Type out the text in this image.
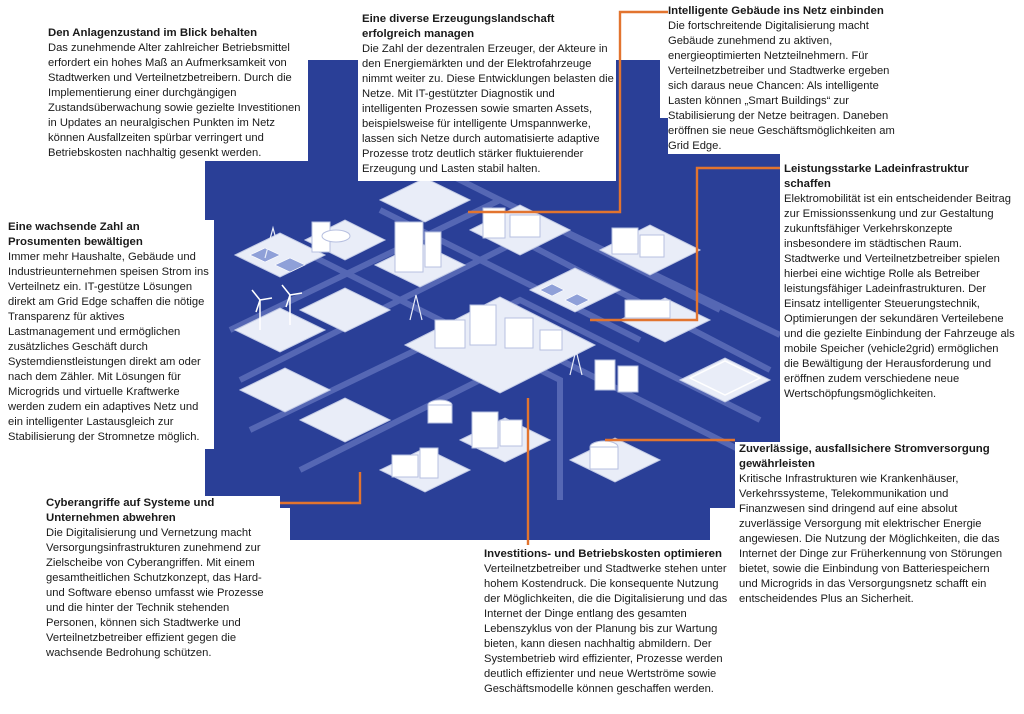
Den Anlagenzustand im Blick behalten

Das zunehmende Alter zahlreicher Betriebsmittel erfordert ein hohes Maß an Aufmerksamkeit von Stadtwerken und Verteilnetzbetreibern. Durch die Implementierung einer durchgängigen Zustandsüberwachung sowie gezielte Investitionen in Updates an neuralgischen Punkten im Netz können Ausfallzeiten spürbar verringert und Betriebskosten nachhaltig gesenkt werden.

Eine diverse Erzeugungslandschaft erfolgreich managen

Die Zahl der dezentralen Erzeuger, der Akteure in den Energiemärkten und der Elektrofahrzeuge nimmt weiter zu. Diese Entwicklungen belasten die Netze. Mit IT-gestützter Diagnostik und intelligenten Prozessen sowie smarten Assets, beispielsweise für intelligente Umspannwerke, lassen sich Netze durch automatisierte adaptive Prozesse trotz deutlich stärker fluktuierender Erzeugung und Lasten stabil halten.

Intelligente Gebäude ins Netz einbinden

Die fortschreitende Digitalisierung macht Gebäude zunehmend zu aktiven, energieoptimierten Netzteilnehmern. Für Verteilnetzbetreiber und Stadtwerke ergeben sich daraus neue Chancen: Als intelligente Lasten können „Smart Buildings“ zur Stabilisierung der Netze beitragen. Daneben eröffnen sie neue Geschäftsmöglichkeiten am Grid Edge.

Leistungsstarke Ladeinfrastruktur schaffen

Elektromobilität ist ein entscheidender Beitrag zur Emissionssenkung und zur Gestaltung zukunftsfähiger Verkehrskonzepte insbesondere im städtischen Raum. Stadtwerke und Verteilnetzbetreiber spielen hierbei eine wichtige Rolle als Betreiber leistungsfähiger Ladeinfrastrukturen. Der Einsatz intelligenter Steuerungstechnik, Optimierungen der sekundären Verteilebene und die gezielte Einbindung der Fahrzeuge als mobile Speicher (vehicle2grid) ermöglichen die Bewältigung der Herausforderung und eröffnen zudem verschiedene neue Wertschöpfungsmöglichkeiten.

Eine wachsende Zahl an Prosumenten bewältigen

Immer mehr Haushalte, Gebäude und Industrieunternehmen speisen Strom ins Verteilnetz ein. IT-gestütze Lösungen direkt am Grid Edge schaffen die nötige Transparenz für aktives Lastmanagement und ermöglichen zusätzliches Geschäft durch Systemdienstleistungen direkt am oder nach dem Zähler. Mit Lösungen für Microgrids und virtuelle Kraftwerke werden zudem ein adaptives Netz und ein intelligenter Lastausgleich zur Stabilisierung der Stromnetze möglich.

Zuverlässige, ausfallsichere Stromversorgung gewährleisten

Kritische Infrastrukturen wie Krankenhäuser, Verkehrssysteme, Telekommunikation und Finanzwesen sind dringend auf eine absolut zuverlässige Versorgung mit elektrischer Energie angewiesen. Die Nutzung der Möglichkeiten, die das Internet der Dinge zur Früherkennung von Störungen bietet, sowie die Einbindung von Batteriespeichern und Microgrids in das Versorgungsnetz schafft ein entscheidendes Plus an Sicherheit.

Cyberangriffe auf Systeme und Unternehmen abwehren

Die Digitalisierung und Vernetzung macht Versorgungsinfrastrukturen zunehmend zur Zielscheibe von Cyberangriffen. Mit einem gesamtheitlichen Schutzkonzept, das Hard- und Software ebenso umfasst wie Prozesse und die hinter der Technik stehenden Personen, können sich Stadtwerke und Verteilnetzbetreiber effizient gegen die wachsende Bedrohung schützen.

Investitions- und Betriebskosten optimieren

Verteilnetzbetreiber und Stadtwerke stehen unter hohem Kostendruck. Die konsequente Nutzung der Möglichkeiten, die die Digitalisierung und das Internet der Dinge entlang des gesamten Lebenszyklus von der Planung bis zur Wartung bieten, kann diesen nachhaltig abmildern. Der Systembetrieb wird effizienter, Prozesse werden deutlich effizienter und neue Wertströme sowie Geschäftsmodelle können geschaffen werden.
